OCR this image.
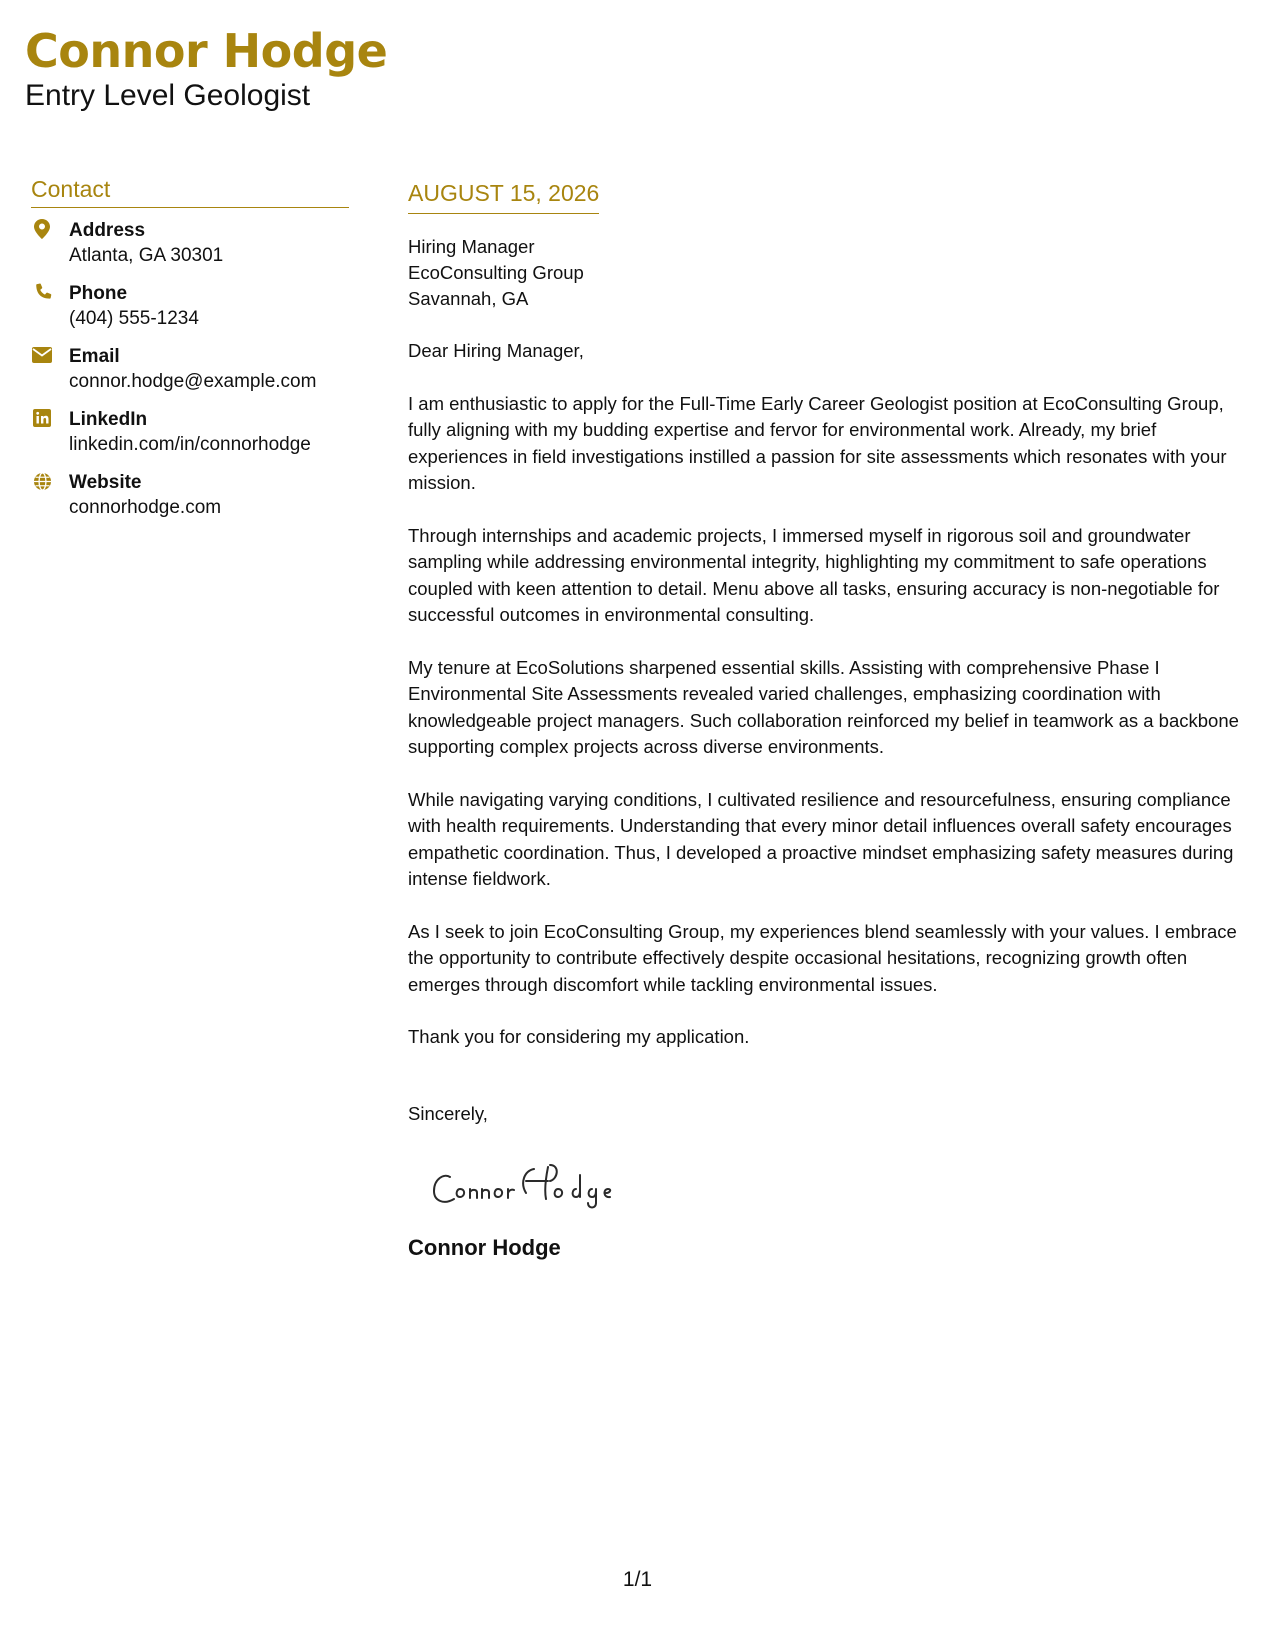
Connor Hodge
Entry Level Geologist
Contact
Address
Atlanta, GA 30301
Phone
(404) 555-1234
Email
connor.hodge@example.com
LinkedIn
linkedin.com/in/connorhodge
Website
connorhodge.com
AUGUST 15, 2026
Hiring Manager
EcoConsulting Group
Savannah, GA
Dear Hiring Manager,
I am enthusiastic to apply for the Full-Time Early Career Geologist position at EcoConsulting Group, fully aligning with my budding expertise and fervor for environmental work. Already, my brief experiences in field investigations instilled a passion for site assessments which resonates with your mission.
Through internships and academic projects, I immersed myself in rigorous soil and groundwater sampling while addressing environmental integrity, highlighting my commitment to safe operations coupled with keen attention to detail. Menu above all tasks, ensuring accuracy is non-negotiable for successful outcomes in environmental consulting.
My tenure at EcoSolutions sharpened essential skills. Assisting with comprehensive Phase I Environmental Site Assessments revealed varied challenges, emphasizing coordination with knowledgeable project managers. Such collaboration reinforced my belief in teamwork as a backbone supporting complex projects across diverse environments.
While navigating varying conditions, I cultivated resilience and resourcefulness, ensuring compliance with health requirements. Understanding that every minor detail influences overall safety encourages empathetic coordination. Thus, I developed a proactive mindset emphasizing safety measures during intense fieldwork.
As I seek to join EcoConsulting Group, my experiences blend seamlessly with your values. I embrace the opportunity to contribute effectively despite occasional hesitations, recognizing growth often emerges through discomfort while tackling environmental issues.
Thank you for considering my application.
Sincerely,
Connor Hodge
1/1
